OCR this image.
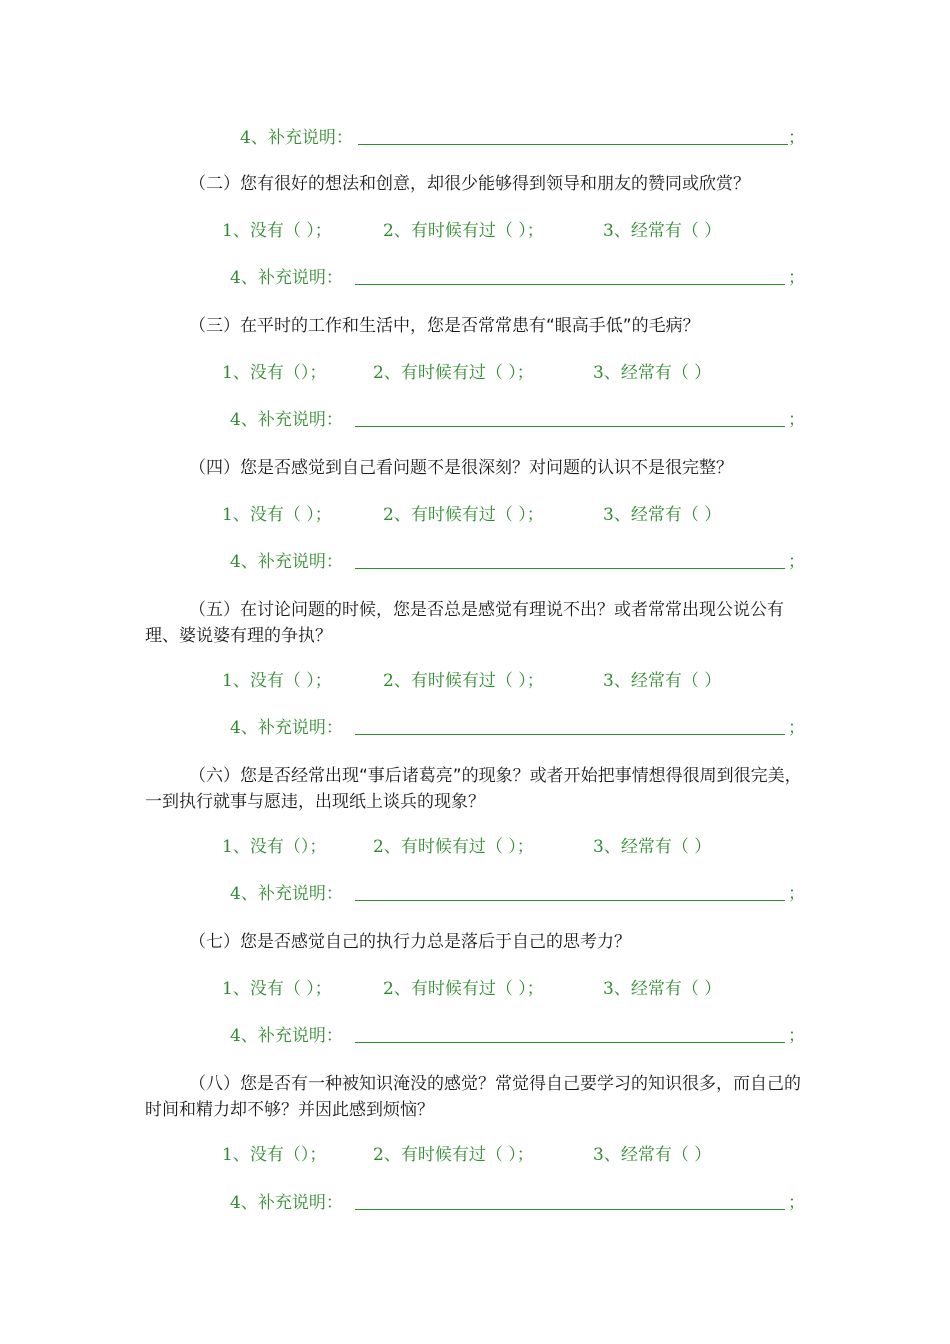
4、补充说明：	；
（二）您有很好的想法和创意，却很少能够得到领导和朋友的赞同或欣赏？
1、没有（ ）；	2、有时候有过（ ）；	3、经常有（ ）
4、补充说明：	；
（三）在平时的工作和生活中，您是否常常患有“眼高手低”的毛病？
1、没有（）；	2、有时候有过（ ）；	3、经常有（ ）
4、补充说明：	；
（四）您是否感觉到自己看问题不是很深刻？对问题的认识不是很完整？
1、没有（ ）；	2、有时候有过（ ）；	3、经常有（ ）
4、补充说明：	；
（五）在讨论问题的时候，您是否总是感觉有理说不出？或者常常出现公说公有理、婆说婆有理的争执？
1、没有（ ）；	2、有时候有过（ ）；	3、经常有（ ）
4、补充说明：	；
（六）您是否经常出现“事后诸葛亮”的现象？或者开始把事情想得很周到很完美，一到执行就事与愿违，出现纸上谈兵的现象？
1、没有（）；	2、有时候有过（ ）；	3、经常有（ ）
4、补充说明：	；
（七）您是否感觉自己的执行力总是落后于自己的思考力？
1、没有（ ）；	2、有时候有过（ ）；	3、经常有（ ）
4、补充说明：	；
（八）您是否有一种被知识淹没的感觉？常觉得自己要学习的知识很多，而自己的时间和精力却不够？并因此感到烦恼？
1、没有（）；	2、有时候有过（ ）；	3、经常有（ ）
4、补充说明：	；
